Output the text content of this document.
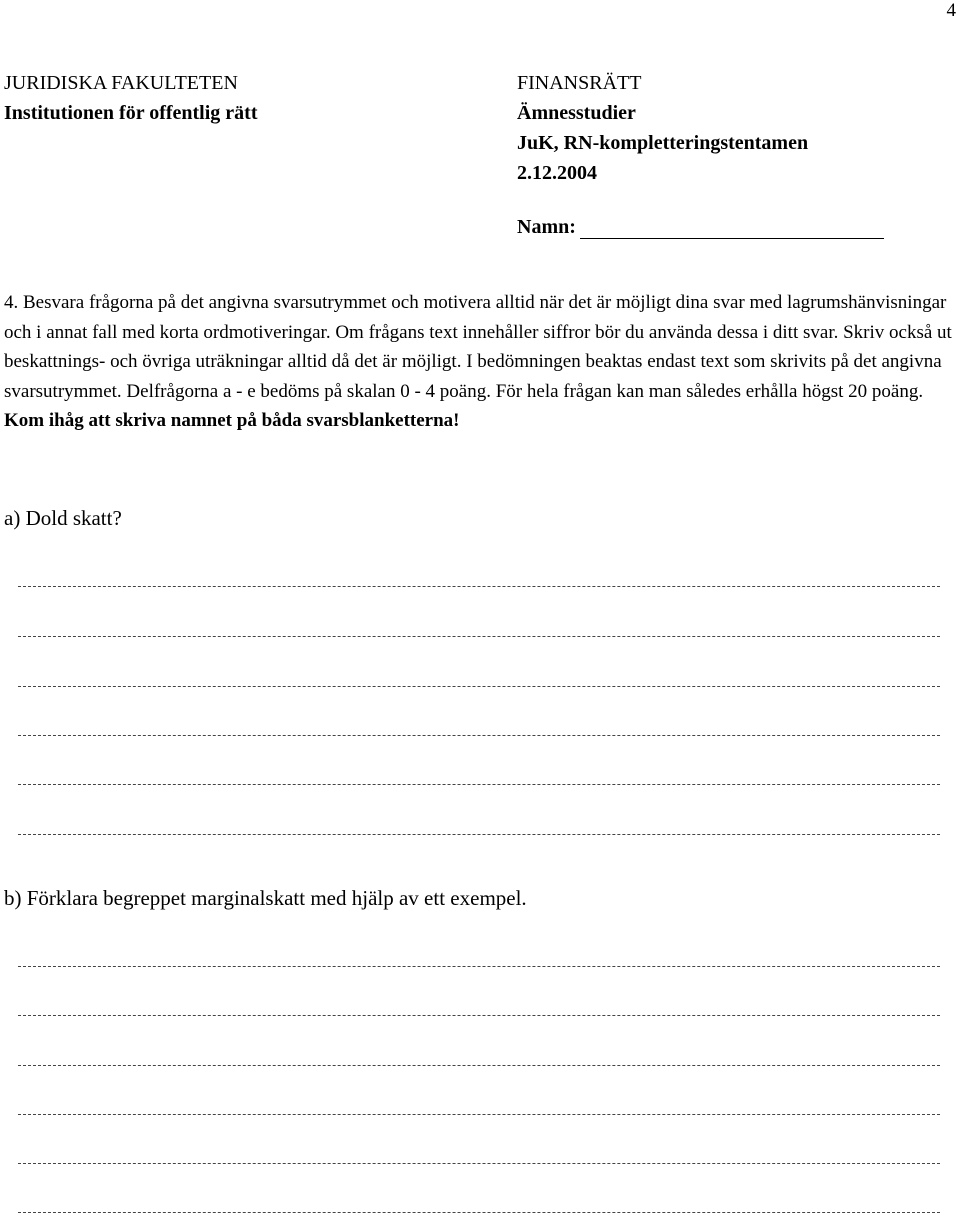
4
JURIDISKA FAKULTETEN
Institutionen för offentlig rätt
FINANSRÄTT
Ämnesstudier
JuK, RN-kompletteringstentamen
2.12.2004
Namn:
4. Besvara frågorna på det angivna svarsutrymmet och motivera alltid när det är möjligt dina svar med lagrumshänvisningar och i annat fall med korta ordmotiveringar. Om frågans text innehåller siffror bör du använda dessa i ditt svar. Skriv också ut beskattnings- och övriga uträkningar alltid då det är möjligt. I bedömningen beaktas endast text som skrivits på det angivna svarsutrymmet. Delfrågorna a - e bedöms på skalan 0 - 4 poäng. För hela frågan kan man således erhålla högst 20 poäng. Kom ihåg att skriva namnet på båda svarsblanketterna!
a) Dold skatt?
b) Förklara begreppet marginalskatt med hjälp av ett exempel.
